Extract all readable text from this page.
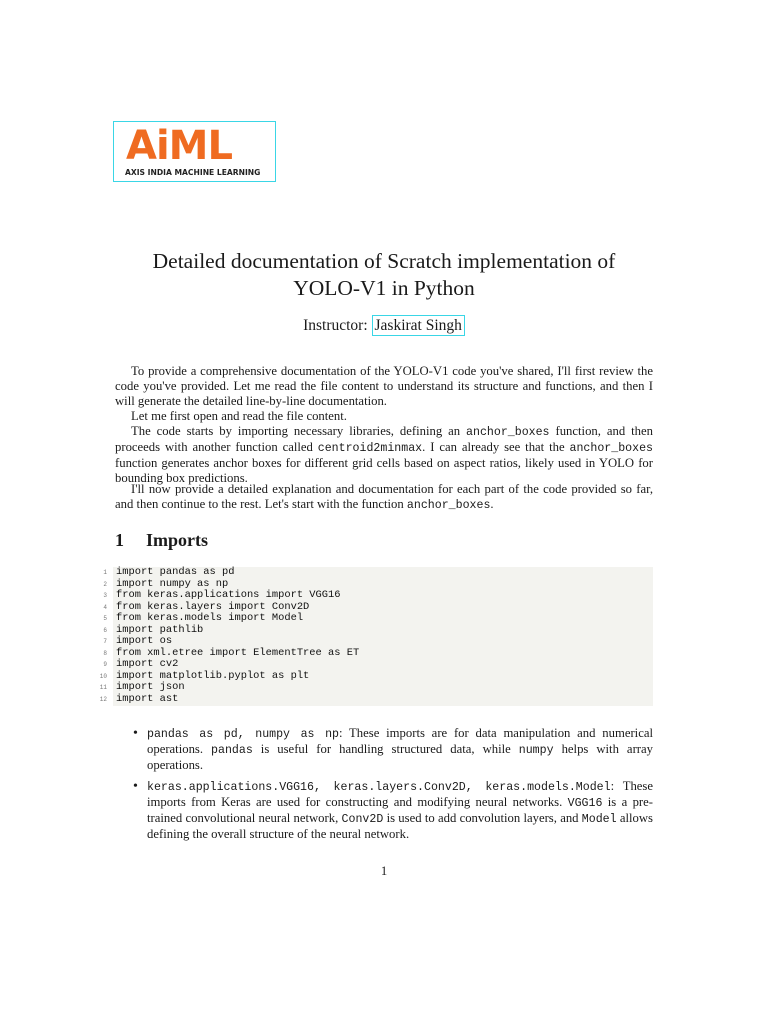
AiML
AXIS INDIA MACHINE LEARNING
Detailed documentation of Scratch implementation of
YOLO-V1 in Python
Instructor: Jaskirat Singh

To provide a comprehensive documentation of the YOLO-V1 code you've shared, I'll first review the code you've provided. Let me read the file content to understand its structure and functions, and then I will generate the detailed line-by-line documentation.

Let me first open and read the file content.

The code starts by importing necessary libraries, defining an anchor_boxes function, and then proceeds with another function called centroid2minmax. I can already see that the anchor_boxes function generates anchor boxes for different grid cells based on aspect ratios, likely used in YOLO for bounding box predictions.

I'll now provide a detailed explanation and documentation for each part of the code provided so far, and then continue to the rest. Let's start with the function anchor_boxes.

1 Imports
1 import pandas as pd
2 import numpy as np
3 from keras.applications import VGG16
4 from keras.layers import Conv2D
5 from keras.models import Model
6 import pathlib
7 import os
8 from xml.etree import ElementTree as ET
9 import cv2
10 import matplotlib.pyplot as plt
11 import json
12 import ast
• pandas as pd, numpy as np: These imports are for data manipulation and numerical operations. pandas is useful for handling structured data, while numpy helps with array operations.

• keras.applications.VGG16, keras.layers.Conv2D, keras.models.Model: These imports from Keras are used for constructing and modifying neural networks. VGG16 is a pre-trained convolutional neural network, Conv2D is used to add convolution layers, and Model allows defining the overall structure of the neural network.

1
